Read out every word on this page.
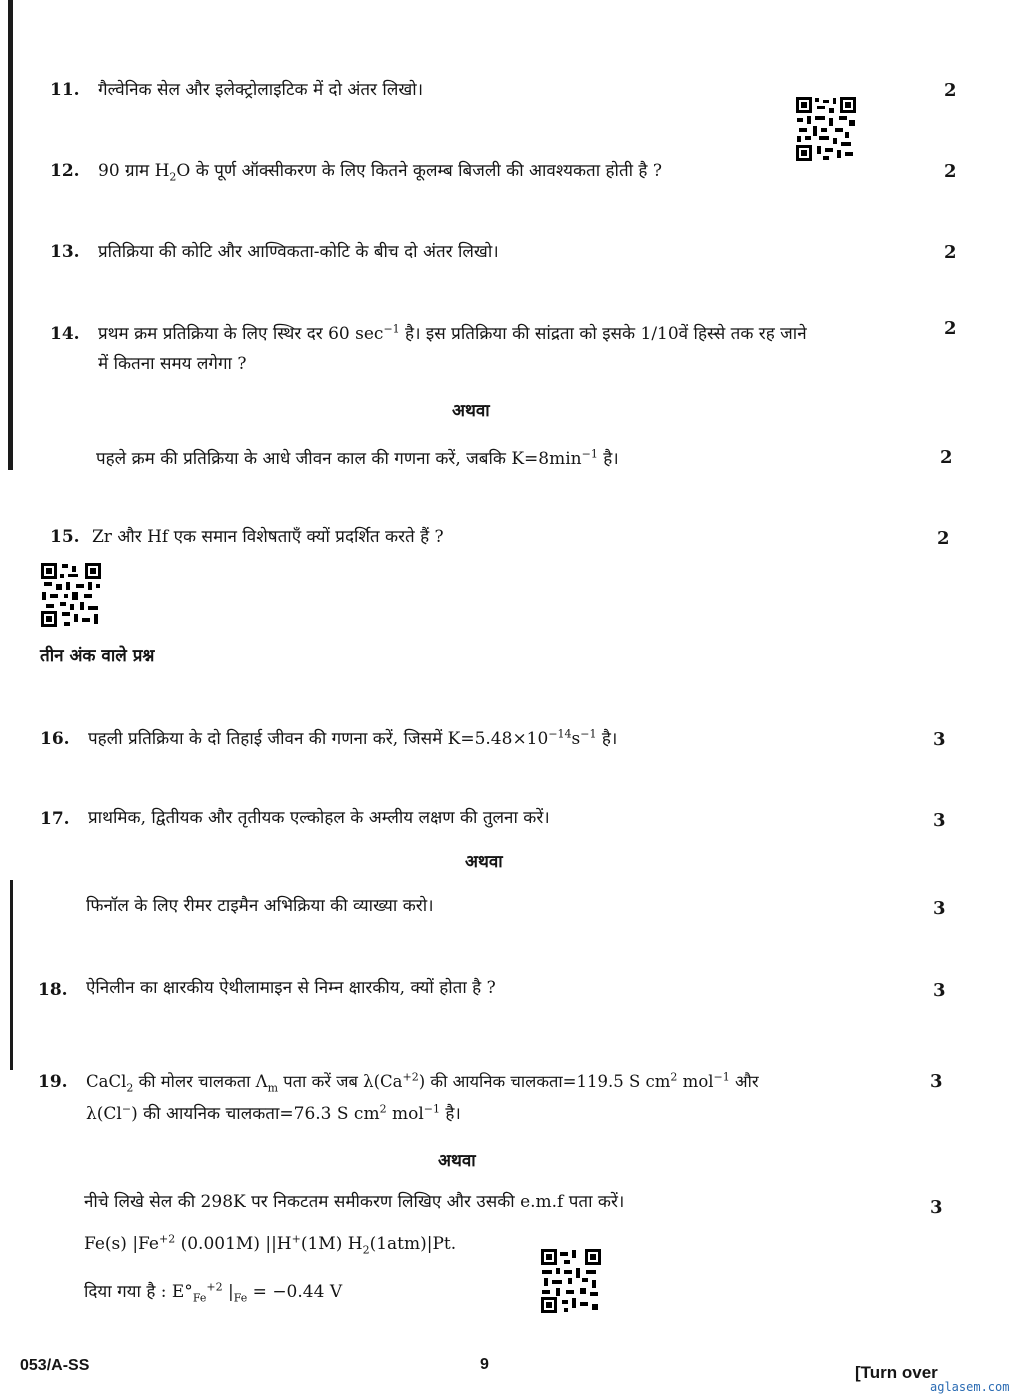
11. गैल्वेनिक सेल और इलेक्ट्रोलाइटिक में दो अंतर लिखो।	2
12. 90 ग्राम $H_2O$ के पूर्ण ऑक्सीकरण के लिए कितने कूलम्ब बिजली की आवश्यकता होती है ?	2
13. प्रतिक्रिया की कोटि और आण्विकता-कोटि के बीच दो अंतर लिखो।	2
14. प्रथम क्रम प्रतिक्रिया के लिए स्थिर दर 60 $\sec^{-1}$ है। इस प्रतिक्रिया की सांद्रता को इसके 1/10वें हिस्से तक रह जाने
में कितना समय लगेगा ?
2
अथवा
पहले क्रम की प्रतिक्रिया के आधे जीवन काल की गणना करें, जबकि $K=8\min^{-1}$ है।	2
15. Zr और Hf एक समान विशेषताएँ क्यों प्रदर्शित करते हैं ?	2
तीन अंक वाले प्रश्न
16. पहली प्रतिक्रिया के दो तिहाई जीवन की गणना करें, जिसमें $K=5.48\times 10^{-14}s^{-1}$ है।	3
17. प्राथमिक, द्वितीयक और तृतीयक एल्कोहल के अम्लीय लक्षण की तुलना करें।	3
अथवा
फिनॉल के लिए रीमर टाइमैन अभिक्रिया की व्याख्या करो।	3
18. ऐनिलीन का क्षारकीय ऐथीलामाइन से निम्न क्षारकीय, क्यों होता है ?	3
19. CaCl$_2$ की मोलर चालकता $\Lambda_m$ पता करें जब $\lambda(Ca^{+2})$ की आयनिक चालकता=119.5 S $cm^2$ mol$^{-1}$ और
λ(Cl−) की आयनिक चालकता=76.3 S $cm^2$ mol$^{-1}$ है।
3
अथवा
नीचे लिखे सेल की 298K पर निकटतम समीकरण लिखिए और उसकी e.m.f पता करें।	3
Fe(s) $|Fe^{+2}$ (0.001M) ||H+(1M) $H_2(1atm)|Pt$.
दिया गया है : $E^\circ_{Fe}^{+2}$ $|_{Fe} = -0.44$ V
053/A-SS	9	[Turn over
aglasem.com
